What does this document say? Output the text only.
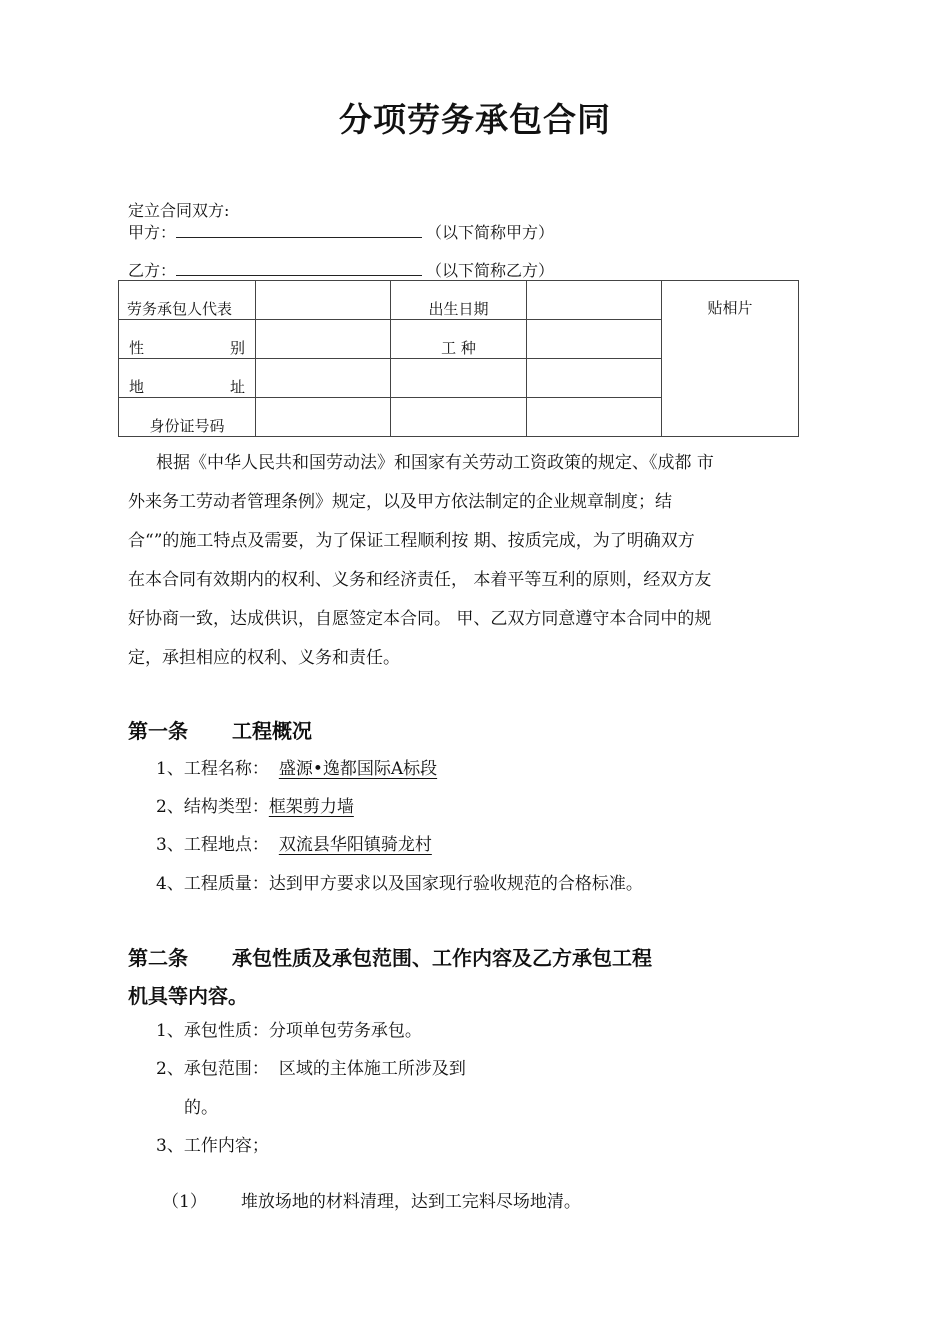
分项劳务承包合同
定立合同双方:
甲方：	（以下简称甲方）
乙方：	（以下简称乙方）
劳务承包人代表		出生日期		贴相片

性 别		工 种		

地 址				

身份证号码				

根据《中华人民共和国劳动法》和国家有关劳动工资政策的规定、《成都 市

外来务工劳动者管理条例》规定，以及甲方依法制定的企业规章制度；结

合“”的施工特点及需要，为了保证工程顺利按 期、按质完成，为了明确双方

在本合同有效期内的权利、义务和经济责任， 本着平等互利的原则，经双方友

好协商一致，达成供识，自愿签定本合同。 甲、乙双方同意遵守本合同中的规

定，承担相应的权利、义务和责任。

第一条 工程概况
1、工程名称： 盛源•逸都国际A标段
2、结构类型：框架剪力墙
3、工程地点： 双流县华阳镇骑龙村
4、工程质量：达到甲方要求以及国家现行验收规范的合格标准。
第二条 承包性质及承包范围、工作内容及乙方承包工程
机具等内容。
1、承包性质：分项单包劳务承包。
2、承包范围： 区域的主体施工所涉及到
的。
3、工作内容；
（1） 堆放场地的材料清理，达到工完料尽场地清。
